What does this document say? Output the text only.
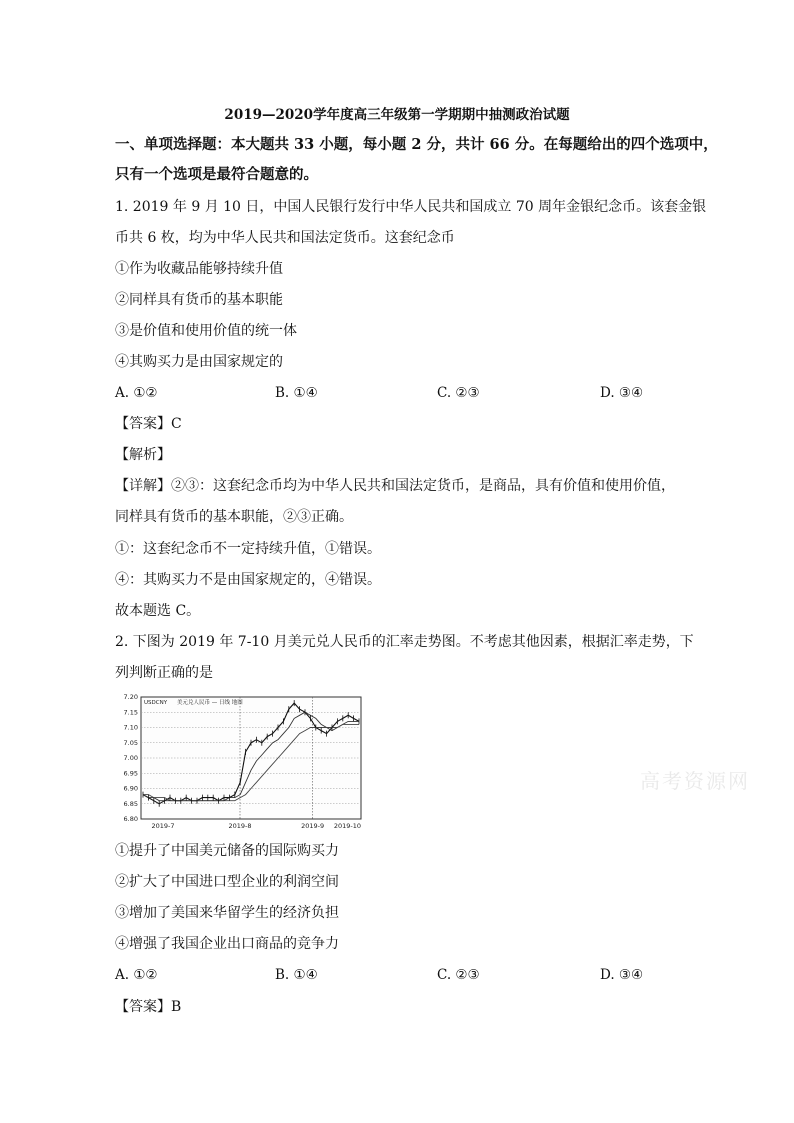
2019—2020学年度高三年级第一学期期中抽测政治试题
一、单项选择题：本大题共 33 小题，每小题 2 分，共计 66 分。在每题给出的四个选项中，
只有一个选项是最符合题意的。
1. 2019 年 9 月 10 日，中国人民银行发行中华人民共和国成立 70 周年金银纪念币。该套金银
币共 6 枚，均为中华人民共和国法定货币。这套纪念币
①作为收藏品能够持续升值
②同样具有货币的基本职能
③是价值和使用价值的统一体
④其购买力是由国家规定的
A. ①②	B. ①④	C. ②③	D. ③④
【答案】C
【解析】
【详解】②③：这套纪念币均为中华人民共和国法定货币，是商品，具有价值和使用价值，
同样具有货币的基本职能，②③正确。
①：这套纪念币不一定持续升值，①错误。
④：其购买力不是由国家规定的，④错误。
故本题选 C。
2. 下图为 2019 年 7-10 月美元兑人民币的汇率走势图。不考虑其他因素，根据汇率走势，下
列判断正确的是
7.20
7.15
7.10
7.05
7.00
6.95
6.90
6.85
6.80
2019-7	2019-8	2019-9 2019-10
USDCNY 美元兑人民币 — 日线 地图
高考资源网
①提升了中国美元储备的国际购买力
②扩大了中国进口型企业的利润空间
③增加了美国来华留学生的经济负担
④增强了我国企业出口商品的竞争力
A. ①②	B. ①④	C. ②③	D. ③④
【答案】B
